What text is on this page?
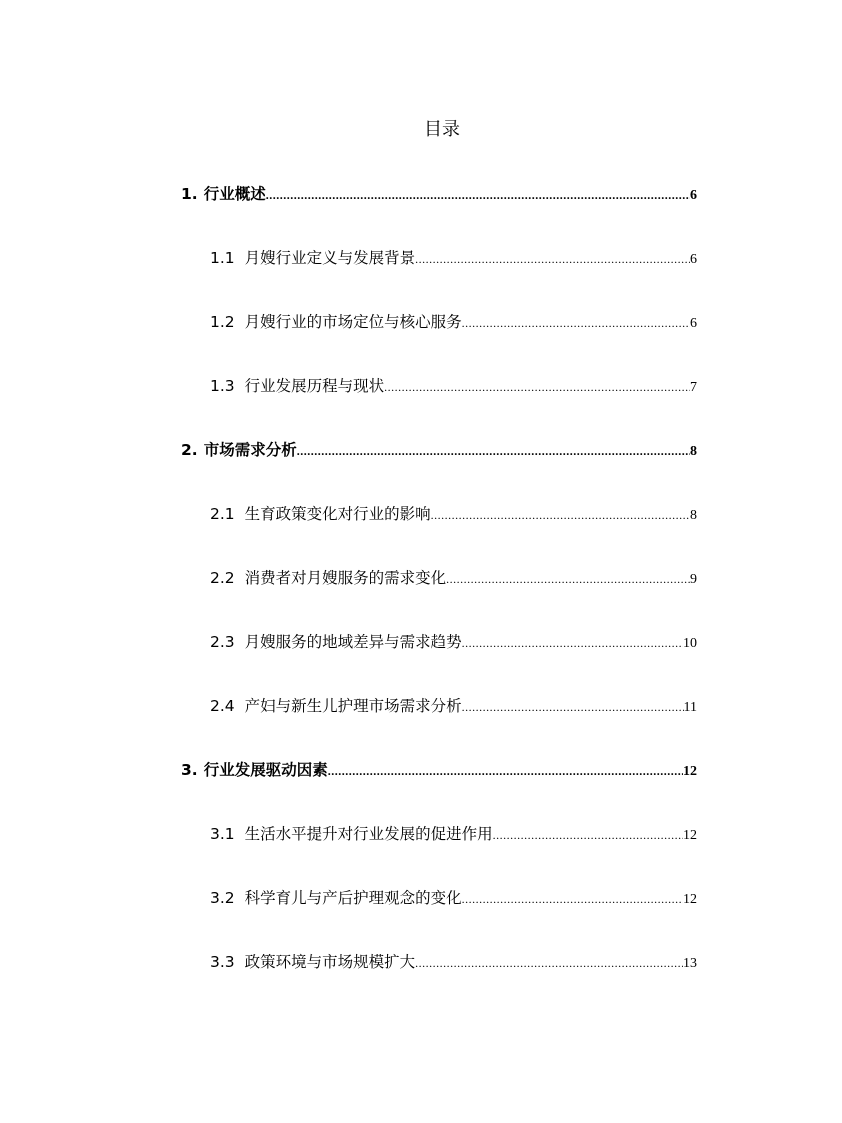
目录
1. 行业概述 .....	6
1.1 月嫂行业定义与发展背景 .....	6
1.2 月嫂行业的市场定位与核心服务 .....	6
1.3 行业发展历程与现状 .....	7
2. 市场需求分析 .....	8
2.1 生育政策变化对行业的影响 .....	8
2.2 消费者对月嫂服务的需求变化 .....	9
2.3 月嫂服务的地域差异与需求趋势 .....	10
2.4 产妇与新生儿护理市场需求分析 .....	11
3. 行业发展驱动因素 .....	12
3.1 生活水平提升对行业发展的促进作用 .....	12
3.2 科学育儿与产后护理观念的变化 .....	12
3.3 政策环境与市场规模扩大 .....	13
